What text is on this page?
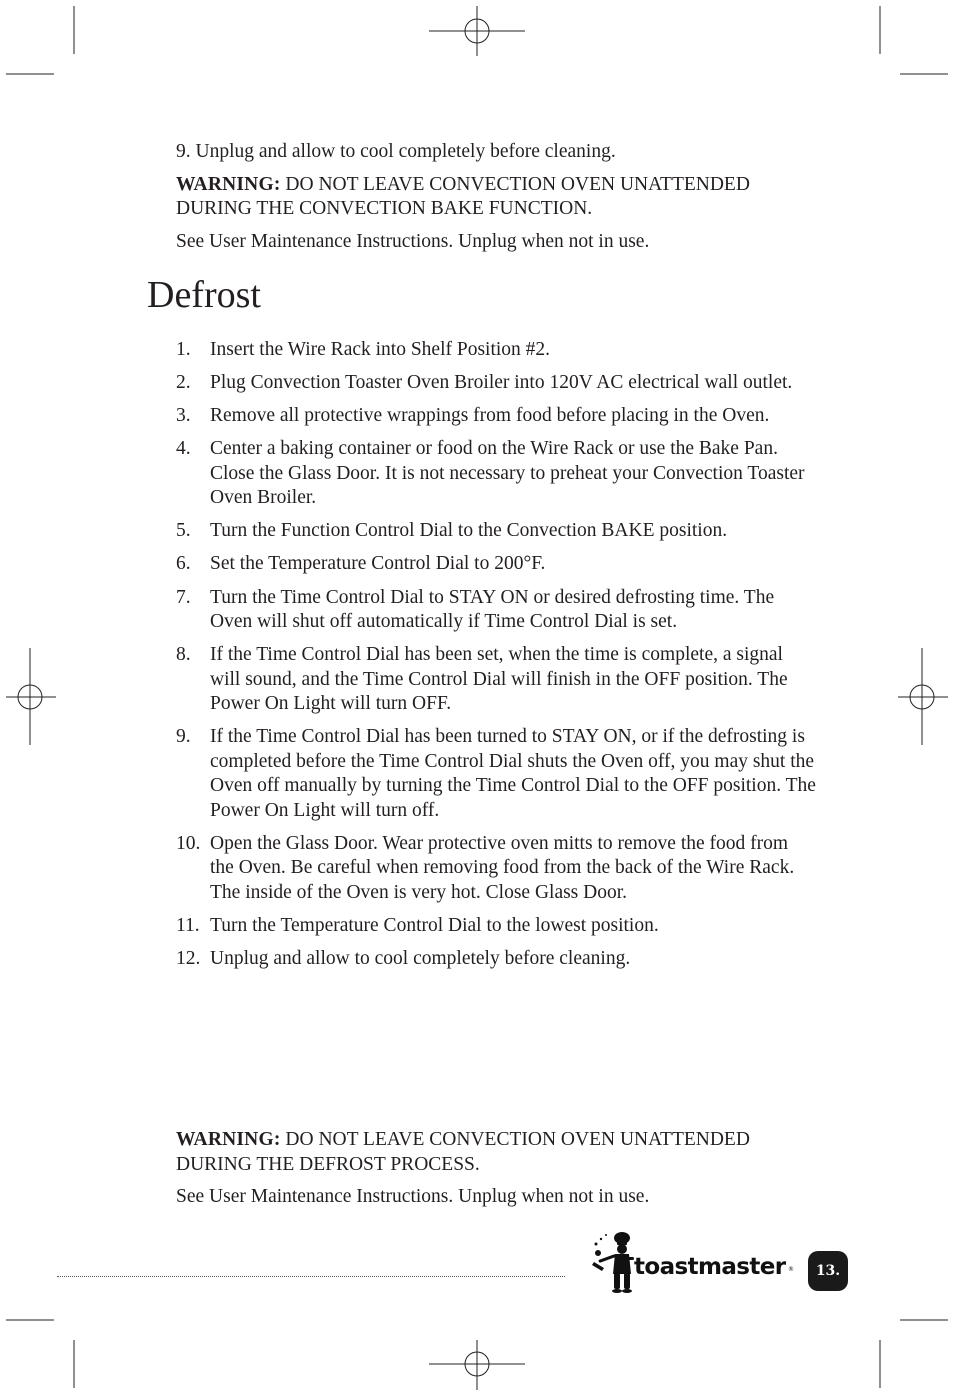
9. Unplug and allow to cool completely before cleaning.

WARNING: DO NOT LEAVE CONVECTION OVEN UNATTENDED DURING THE CONVECTION BAKE FUNCTION.

See User Maintenance Instructions. Unplug when not in use.

Defrost
1. Insert the Wire Rack into Shelf Position #2.
2. Plug Convection Toaster Oven Broiler into 120V AC electrical wall outlet.
3. Remove all protective wrappings from food before placing in the Oven.
4. Center a baking container or food on the Wire Rack or use the Bake Pan. Close the Glass Door. It is not necessary to preheat your Convection Toaster Oven Broiler.
5. Turn the Function Control Dial to the Convection BAKE position.
6. Set the Temperature Control Dial to 200°F.
7. Turn the Time Control Dial to STAY ON or desired defrosting time. The Oven will shut off automatically if Time Control Dial is set.
8. If the Time Control Dial has been set, when the time is complete, a signal will sound, and the Time Control Dial will finish in the OFF position. The Power On Light will turn OFF.
9. If the Time Control Dial has been turned to STAY ON, or if the defrosting is completed before the Time Control Dial shuts the Oven off, you may shut the Oven off manually by turning the Time Control Dial to the OFF position. The Power On Light will turn off.
10. Open the Glass Door. Wear protective oven mitts to remove the food from the Oven. Be careful when removing food from the back of the Wire Rack. The inside of the Oven is very hot. Close Glass Door.
11. Turn the Temperature Control Dial to the lowest position.
12. Unplug and allow to cool completely before cleaning.

WARNING: DO NOT LEAVE CONVECTION OVEN UNATTENDED DURING THE DEFROST PROCESS.

See User Maintenance Instructions. Unplug when not in use.

toastmaster ® 13.
